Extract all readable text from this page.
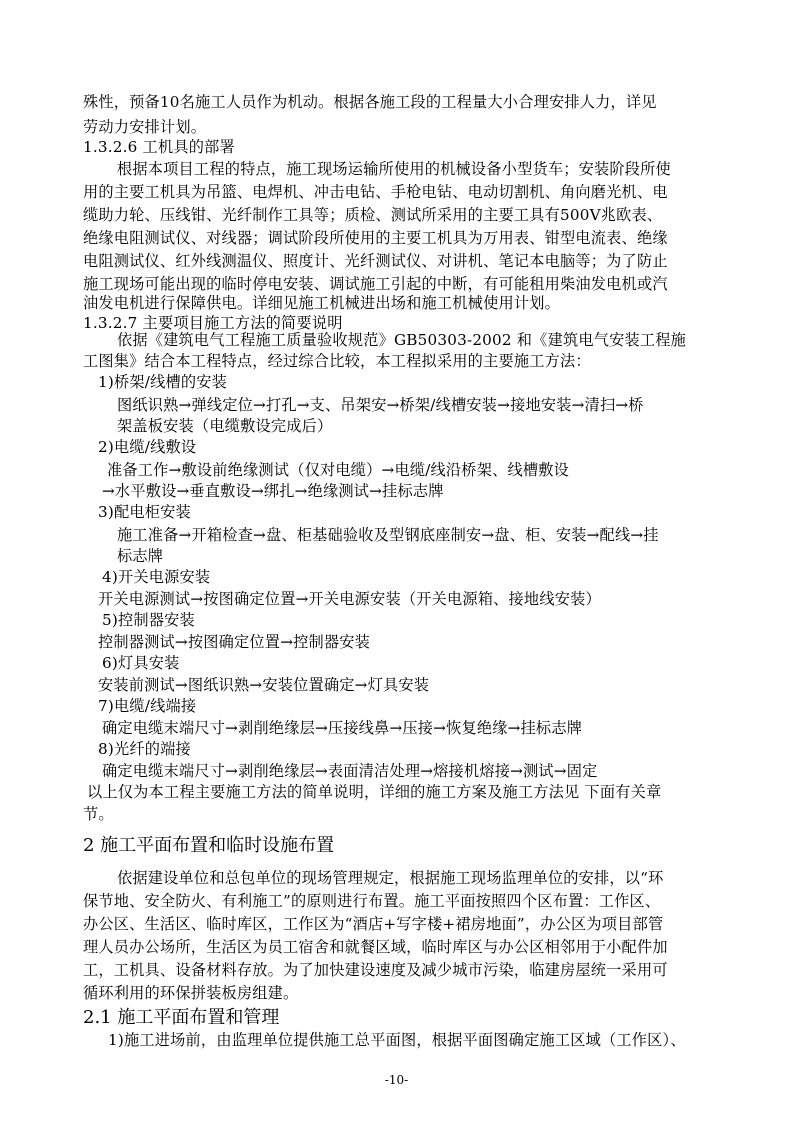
殊性，预备10名施工人员作为机动。根据各施工段的工程量大小合理安排人力，详见
劳动力安排计划。
1.3.2.6 工机具的部署
根据本项目工程的特点，施工现场运输所使用的机械设备小型货车；安装阶段所使
用的主要工机具为吊篮、电焊机、冲击电钻、手枪电钻、电动切割机、角向磨光机、电
缆助力轮、压线钳、光纤制作工具等；质检、测试所采用的主要工具有500V兆欧表、
绝缘电阻测试仪、对线器；调试阶段所使用的主要工机具为万用表、钳型电流表、绝缘
电阻测试仪、红外线测温仪、照度计、光纤测试仪、对讲机、笔记本电脑等；为了防止
施工现场可能出现的临时停电安装、调试施工引起的中断，有可能租用柴油发电机或汽
油发电机进行保障供电。详细见施工机械进出场和施工机械使用计划。
1.3.2.7 主要项目施工方法的简要说明
依据《建筑电气工程施工质量验收规范》GB50303-2002 和《建筑电气安装工程施
工图集》结合本工程特点，经过综合比较，本工程拟采用的主要施工方法：
1)桥架/线槽的安装
图纸识熟→弹线定位→打孔→支、吊架安→桥架/线槽安装→接地安装→清扫→桥
架盖板安装（电缆敷设完成后）
2)电缆/线敷设
准备工作→敷设前绝缘测试（仅对电缆）→电缆/线沿桥架、线槽敷设
→水平敷设→垂直敷设→绑扎→绝缘测试→挂标志牌
3)配电柜安装
施工准备→开箱检查→盘、柜基础验收及型钢底座制安→盘、柜、安装→配线→挂
标志牌
4)开关电源安装
开关电源测试→按图确定位置→开关电源安装（开关电源箱、接地线安装）
5)控制器安装
控制器测试→按图确定位置→控制器安装
6)灯具安装
安装前测试→图纸识熟→安装位置确定→灯具安装
7)电缆/线端接
确定电缆末端尺寸→剥削绝缘层→压接线鼻→压接→恢复绝缘→挂标志牌
8)光纤的端接
确定电缆末端尺寸→剥削绝缘层→表面清洁处理→熔接机熔接→测试→固定
以上仅为本工程主要施工方法的简单说明，详细的施工方案及施工方法见 下面有关章
节。
2 施工平面布置和临时设施布置
依据建设单位和总包单位的现场管理规定，根据施工现场监理单位的安排，以“环
保节地、安全防火、有利施工”的原则进行布置。施工平面按照四个区布置：工作区、
办公区、生活区、临时库区，工作区为“酒店+写字楼+裙房地面”，办公区为项目部管
理人员办公场所，生活区为员工宿舍和就餐区域，临时库区与办公区相邻用于小配件加
工，工机具、设备材料存放。为了加快建设速度及减少城市污染，临建房屋统一采用可
循环利用的环保拼装板房组建。
2.1 施工平面布置和管理
1)施工进场前，由监理单位提供施工总平面图，根据平面图确定施工区域（工作区）、
-10-
